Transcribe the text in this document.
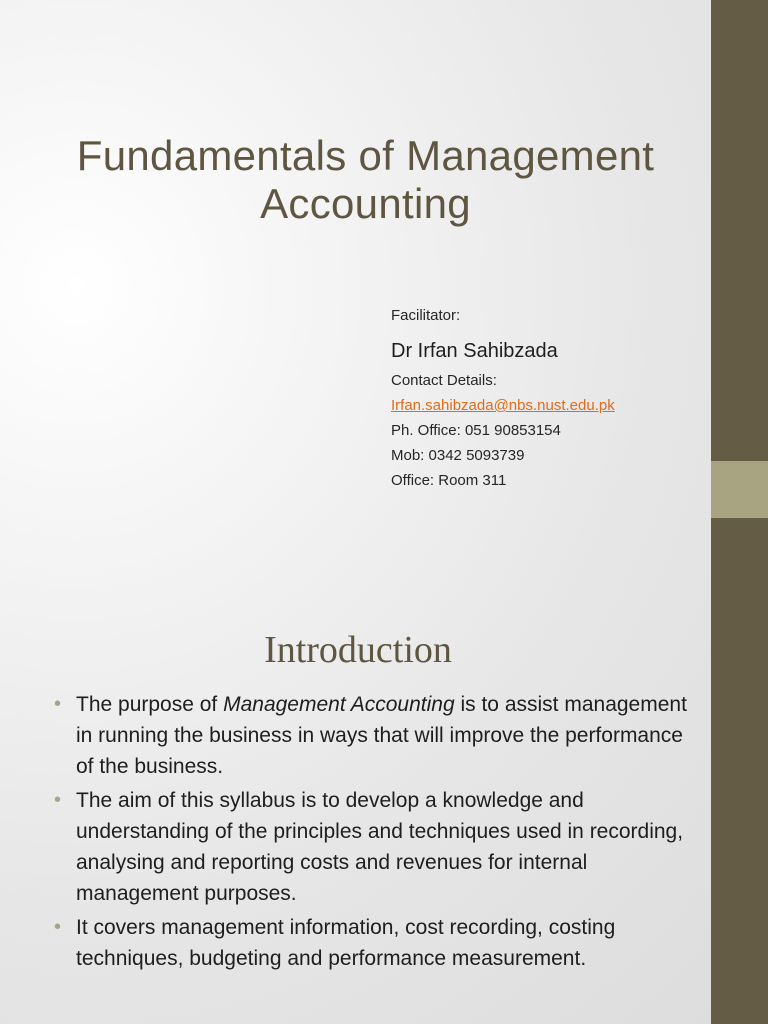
Fundamentals of Management Accounting
Facilitator:
Dr Irfan Sahibzada
Contact Details:
Irfan.sahibzada@nbs.nust.edu.pk
Ph. Office: 051 90853154
Mob: 0342 5093739
Office: Room 311
Introduction
• The purpose of Management Accounting is to assist management in running the business in ways that will improve the performance of the business.
• The aim of this syllabus is to develop a knowledge and understanding of the principles and techniques used in recording, analysing and reporting costs and revenues for internal management purposes.
• It covers management information, cost recording, costing techniques, budgeting and performance measurement.
